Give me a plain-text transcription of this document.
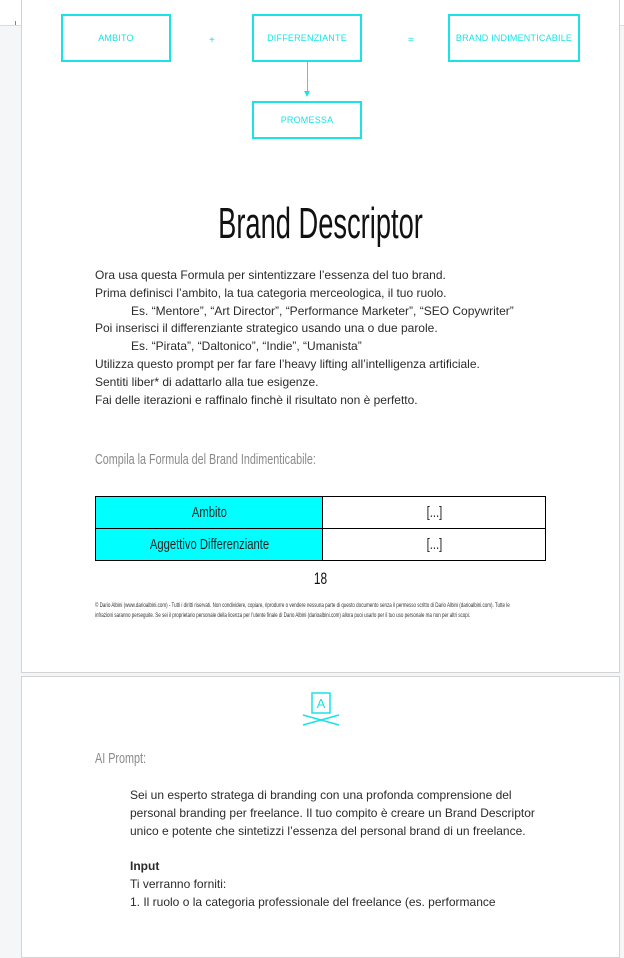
AMBITO	+	DIFFERENZIANTE	=	BRAND INDIMENTICABILE
PROMESSA
Brand Descriptor
Ora usa questa Formula per sintentizzare l’essenza del tuo brand.
Prima definisci l’ambito, la tua categoria merceologica, il tuo ruolo.
Es. “Mentore”, “Art Director”, “Performance Marketer”, “SEO Copywriter”
Poi inserisci il differenziante strategico usando una o due parole.
Es. “Pirata”, “Daltonico”, “Indie”, “Umanista”
Utilizza questo prompt per far fare l’heavy lifting all’intelligenza artificiale.
Sentiti liber* di adattarlo alla tue esigenze.
Fai delle iterazioni e raffinalo finchè il risultato non è perfetto.
Compila la Formula del Brand Indimenticabile:
Ambito	[...]
Aggettivo Differenziante	[...]
18
© Dario Albini (www.darioalbini.com) - Tutti i diritti riservati. Non condividere, copiare, riprodurre o vendere nessuna parte di questo documento senza il permesso scritto di Dario Albini (darioalbini.com). Tutte le
infrazioni saranno perseguite. Se sei il proprietario personale della licenza per l’utente finale di Dario Albini (darioalbini.com) allora puoi usarlo per il tuo uso personale ma non per altri scopi.
A
AI Prompt:

Sei un esperto stratega di branding con una profonda comprensione del personal branding per freelance. Il tuo compito è creare un Brand Descriptor unico e potente che sintetizzi l’essenza del personal brand di un freelance.

Input

Ti verranno forniti:

1. Il ruolo o la categoria professionale del freelance (es. performance
